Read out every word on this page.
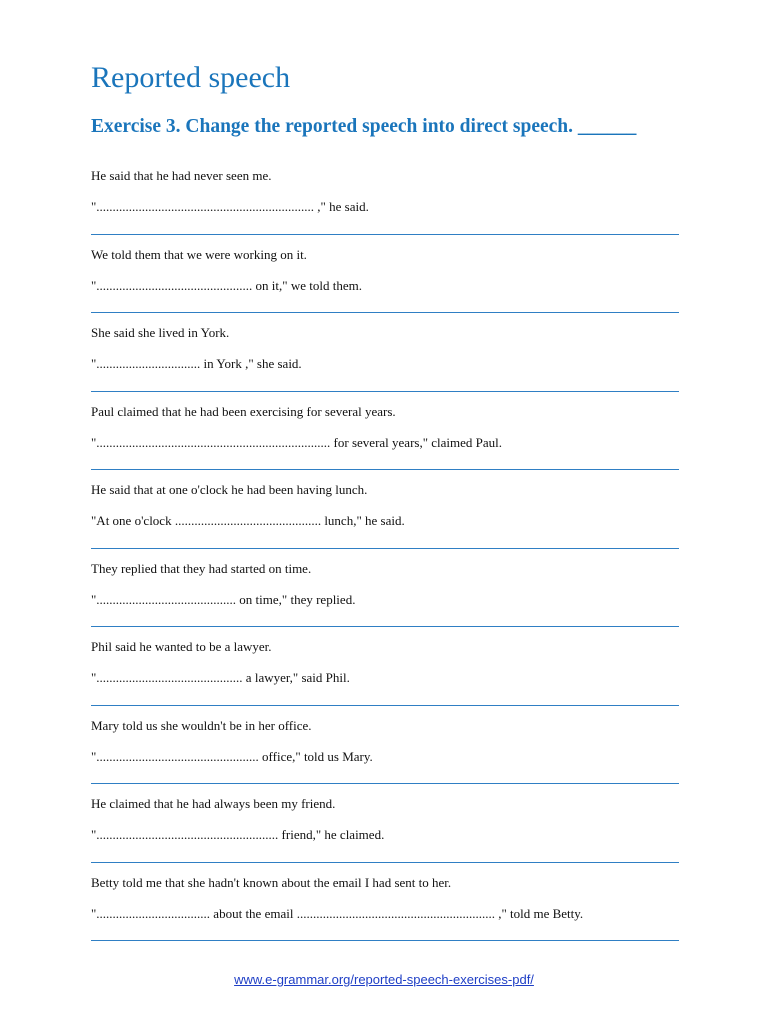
Reported speech
Exercise 3. Change the reported speech into direct speech. ______
He said that he had never seen me.
"................................................................... ," he said.
We told them that we were working on it.
"................................................ on it," we told them.
She said she lived in York.
"................................ in York ," she said.
Paul claimed that he had been exercising for several years.
"........................................................................ for several years," claimed Paul.
He said that at one o'clock he had been having lunch.
"At one o'clock ............................................. lunch," he said.
They replied that they had started on time.
"........................................... on time," they replied.
Phil said he wanted to be a lawyer.
"............................................. a lawyer," said Phil.
Mary told us she wouldn't be in her office.
".................................................. office," told us Mary.
He claimed that he had always been my friend.
"........................................................ friend," he claimed.
Betty told me that she hadn't known about the email I had sent to her.
"................................... about the email ............................................................. ," told me Betty.
www.e-grammar.org/reported-speech-exercises-pdf/
